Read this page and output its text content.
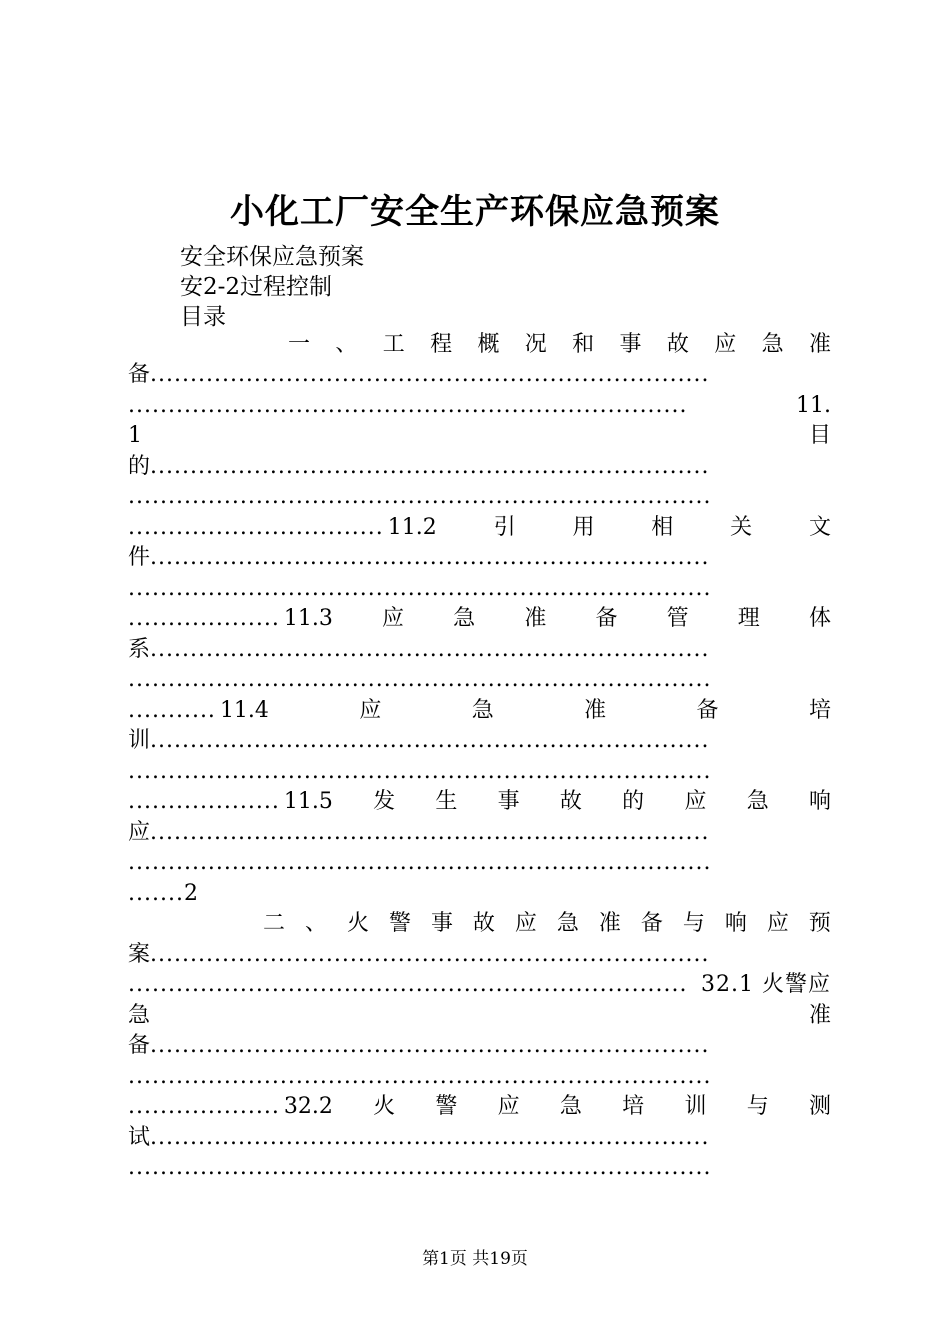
小化工厂安全生产环保应急预案
安全环保应急预案
安2-2过程控制
目录
一 、 工 程 概 况 和 事 故 应 急 准
备......................................................................
......................................................................	11.
1	目
的......................................................................
.........................................................................
................................ 11.2	引	用	相	关	文
件......................................................................
.........................................................................
................... 11.3 应 急 准 备 管 理 体
系......................................................................
.........................................................................
........... 11.4	应	急	准	备	培
训......................................................................
.........................................................................
................... 11.5 发 生 事 故 的 应 急 响
应......................................................................
.........................................................................
.......2
二 、 火 警 事 故 应 急 准 备 与 响 应 预
案......................................................................
...................................................................... 32.1 火警应
急	准
备......................................................................
.........................................................................
................... 32.2 火 警 应 急 培 训 与 测
试......................................................................
.........................................................................
第1页 共19页
